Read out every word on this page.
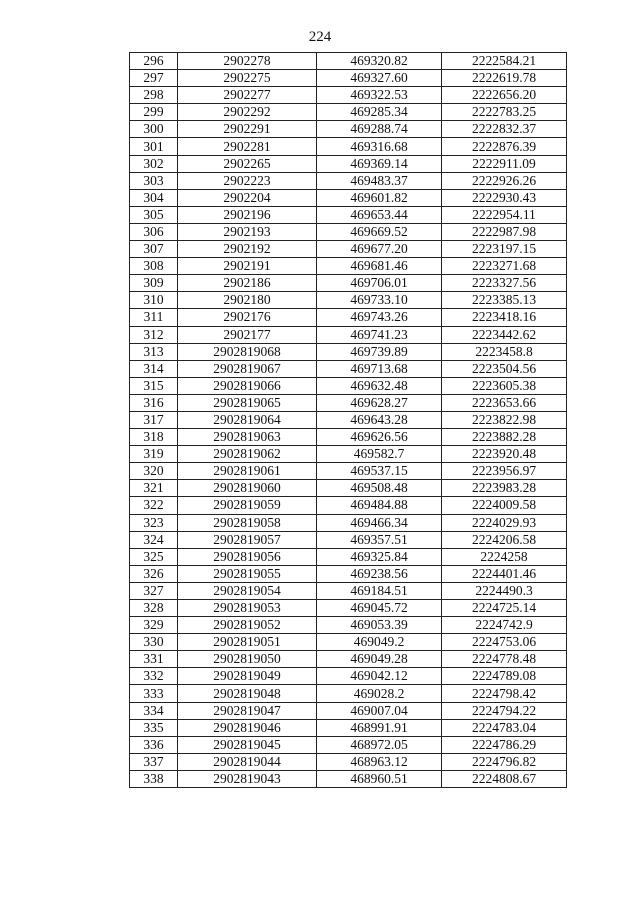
224
296	2902278	469320.82	2222584.21
297	2902275	469327.60	2222619.78
298	2902277	469322.53	2222656.20
299	2902292	469285.34	2222783.25
300	2902291	469288.74	2222832.37
301	2902281	469316.68	2222876.39
302	2902265	469369.14	2222911.09
303	2902223	469483.37	2222926.26
304	2902204	469601.82	2222930.43
305	2902196	469653.44	2222954.11
306	2902193	469669.52	2222987.98
307	2902192	469677.20	2223197.15
308	2902191	469681.46	2223271.68
309	2902186	469706.01	2223327.56
310	2902180	469733.10	2223385.13
311	2902176	469743.26	2223418.16
312	2902177	469741.23	2223442.62
313	2902819068	469739.89	2223458.8
314	2902819067	469713.68	2223504.56
315	2902819066	469632.48	2223605.38
316	2902819065	469628.27	2223653.66
317	2902819064	469643.28	2223822.98
318	2902819063	469626.56	2223882.28
319	2902819062	469582.7	2223920.48
320	2902819061	469537.15	2223956.97
321	2902819060	469508.48	2223983.28
322	2902819059	469484.88	2224009.58
323	2902819058	469466.34	2224029.93
324	2902819057	469357.51	2224206.58
325	2902819056	469325.84	2224258
326	2902819055	469238.56	2224401.46
327	2902819054	469184.51	2224490.3
328	2902819053	469045.72	2224725.14
329	2902819052	469053.39	2224742.9
330	2902819051	469049.2	2224753.06
331	2902819050	469049.28	2224778.48
332	2902819049	469042.12	2224789.08
333	2902819048	469028.2	2224798.42
334	2902819047	469007.04	2224794.22
335	2902819046	468991.91	2224783.04
336	2902819045	468972.05	2224786.29
337	2902819044	468963.12	2224796.82
338	2902819043	468960.51	2224808.67
